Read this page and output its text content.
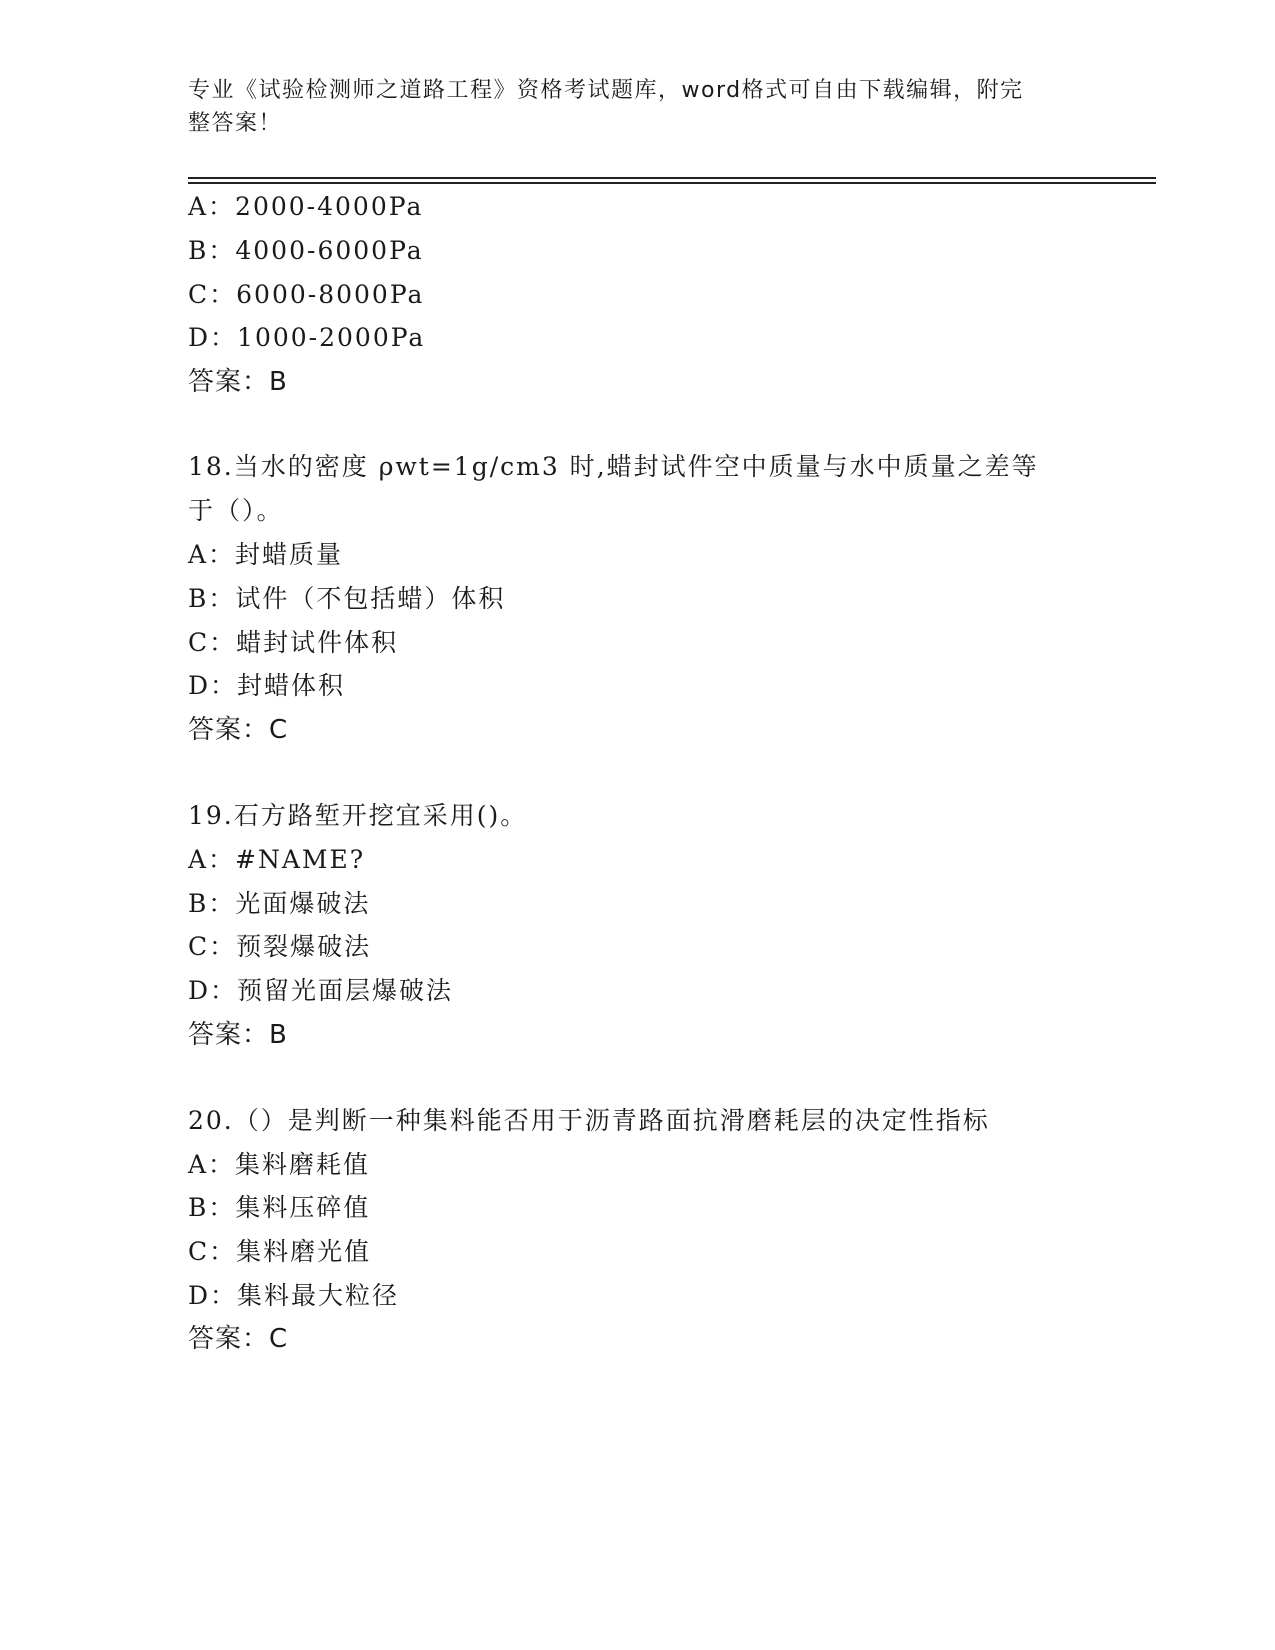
专业《试验检测师之道路工程》资格考试题库，word格式可自由下载编辑，附完
整答案！
A：2000-4000Pa
B：4000-6000Pa
C：6000-8000Pa
D：1000-2000Pa
答案：B
18.当水的密度 ρwt=1g/cm3 时,蜡封试件空中质量与水中质量之差等
于（）。
A：封蜡质量
B：试件（不包括蜡）体积
C：蜡封试件体积
D：封蜡体积
答案：C
19.石方路堑开挖宜采用()。
A：#NAME?
B：光面爆破法
C：预裂爆破法
D：预留光面层爆破法
答案：B
20.（）是判断一种集料能否用于沥青路面抗滑磨耗层的决定性指标
A：集料磨耗值
B：集料压碎值
C：集料磨光值
D：集料最大粒径
答案：C
